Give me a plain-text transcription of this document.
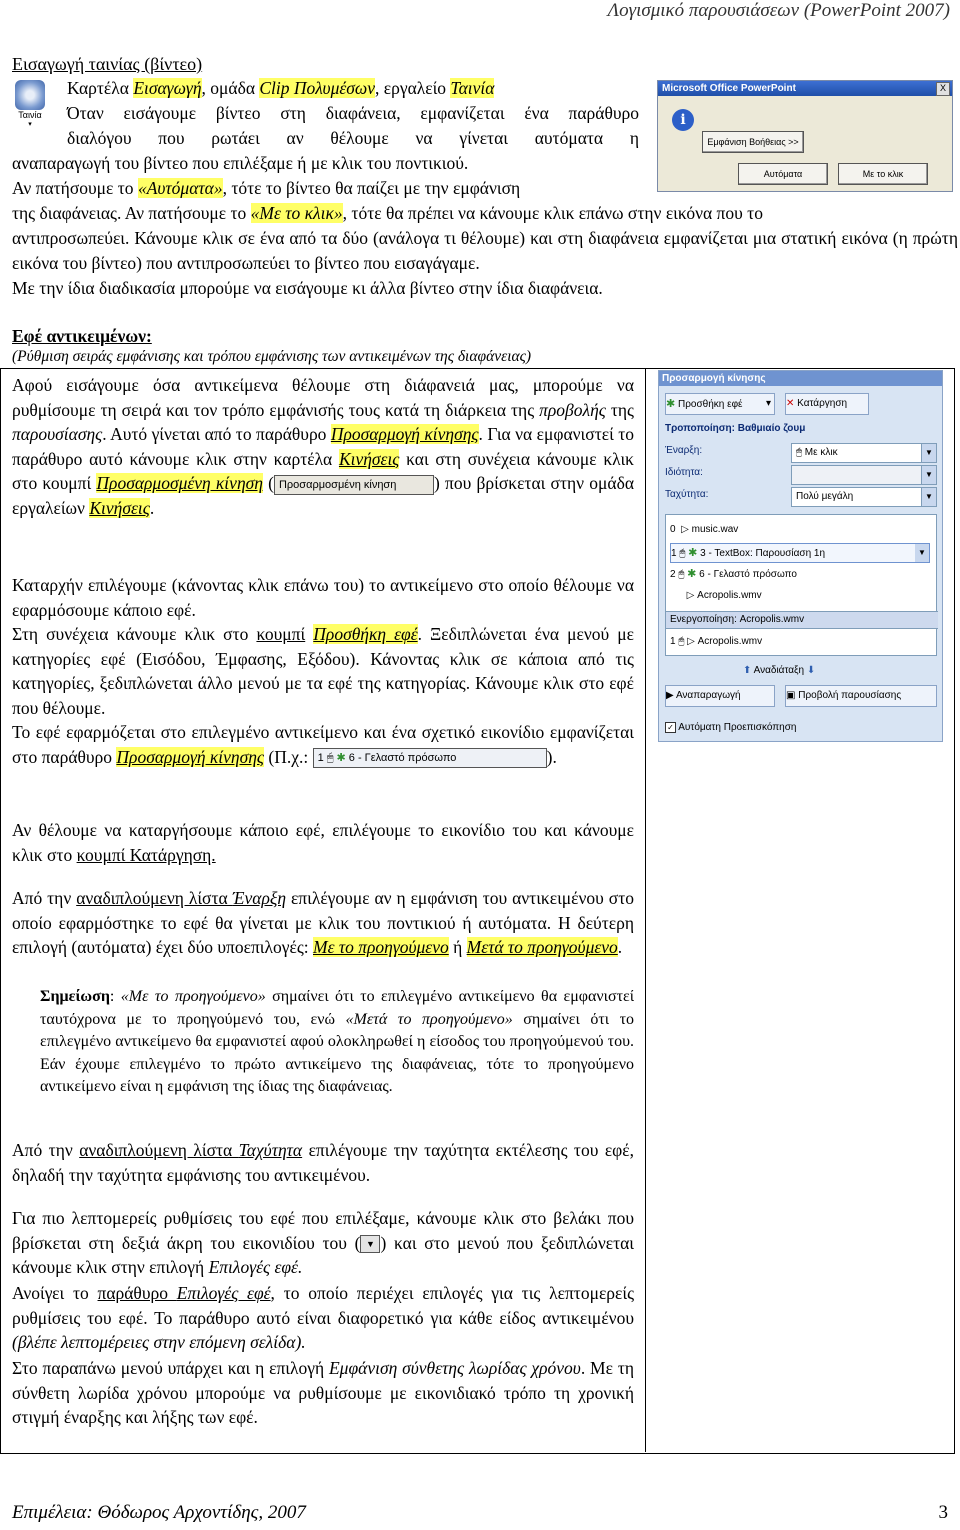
Λογισμικό παρουσιάσεων (PowerPoint 2007)
Εισαγωγή ταινίας (βίντεο)
Ταινία
▾
Καρτέλα Εισαγωγή, ομάδα Clip Πολυμέσων, εργαλείο Ταινία
Όταν εισάγουμε βίντεο στη διαφάνεια, εμφανίζεται ένα παράθυρο
διαλόγου που ρωτάει αν θέλουμε να γίνεται αυτόματα η
αναπαραγωγή του βίντεο που επιλέξαμε ή με κλικ του ποντικιού.
Αν πατήσουμε το «Αυτόματα», τότε το βίντεο θα παίζει με την εμφάνιση
της διαφάνειας. Αν πατήσουμε το «Με το κλικ», τότε θα πρέπει να κάνουμε κλικ επάνω στην εικόνα που το
αντιπροσωπεύει. Κάνουμε κλικ σε ένα από τα δύο (ανάλογα τι θέλουμε) και στη διαφάνεια εμφανίζεται μια στατική εικόνα (η πρώτη εικόνα του βίντεο) που αντιπροσωπεύει το βίντεο που εισαγάγαμε.
Με την ίδια διαδικασία μπορούμε να εισάγουμε κι άλλα βίντεο στην ίδια διαφάνεια.
Microsoft Office PowerPoint	X
i
Εμφάνιση Βοήθειας >>
Αυτόματα	Με το κλικ
Εφέ αντικειμένων:
(Ρύθμιση σειράς εμφάνισης και τρόπου εμφάνισης των αντικειμένων της διαφάνειας)
Προσαρμογή κίνησης
✱ Προσθήκη εφέ ▾	✕ Κατάργηση
Τροποποίηση: Βαθμιαίο ζουμ
Έναρξη:	🖱 Με κλικ	▼
Ιδιότητα:	▼
Ταχύτητα:	Πολύ μεγάλη	▼
0 ▷ music.wav
1 🖱 ✱ 3 - TextBox: Παρουσίαση 1η	▼
2 🖱 ✱ 6 - Γελαστό πρόσωπο
▷ Acropolis.wmv
Ενεργοποίηση: Acropolis.wmv
1 🖱 ▷ Acropolis.wmv
⬆ Αναδιάταξη ⬇
▶ Αναπαραγωγή	▣ Προβολή παρουσίασης
✓ Αυτόματη Προεπισκόπηση
Αφού εισάγουμε όσα αντικείμενα θέλουμε στη διάφανειά μας, μπορούμε να ρυθμίσουμε τη σειρά και τον τρόπο εμφάνισής τους κατά τη διάρκεια της προβολής της παρουσίασης. Αυτό γίνεται από το παράθυρο Προσαρμογή κίνησης. Για να εμφανιστεί το παράθυρο αυτό κάνουμε κλικ στην καρτέλα Κινήσεις και στη συνέχεια κάνουμε κλικ στο κουμπί Προσαρμοσμένη κίνηση ( Προσαρμοσμένη κίνηση ) που βρίσκεται στην ομάδα εργαλείων Κινήσεις.
Καταρχήν επιλέγουμε (κάνοντας κλικ επάνω του) το αντικείμενο στο οποίο θέλουμε να εφαρμόσουμε κάποιο εφέ.
Στη συνέχεια κάνουμε κλικ στο κουμπί Προσθήκη εφέ. Ξεδιπλώνεται ένα μενού με κατηγορίες εφέ (Εισόδου, Έμφασης, Εξόδου). Κάνοντας κλικ σε κάποια από τις κατηγορίες, ξεδιπλώνεται άλλο μενού με τα εφέ της κατηγορίας. Κάνουμε κλικ στο εφέ που θέλουμε.
Το εφέ εφαρμόζεται στο επιλεγμένο αντικείμενο και ένα σχετικό εικονίδιο εμφανίζεται στο παράθυρο Προσαρμογή κίνησης (Π.χ.: 1 🖱 ✱ 6 - Γελαστό πρόσωπο	).
Αν θέλουμε να καταργήσουμε κάποιο εφέ, επιλέγουμε το εικονίδιο του και κάνουμε κλικ στο κουμπί Κατάργηση.
Από την αναδιπλούμενη λίστα Έναρξη επιλέγουμε αν η εμφάνιση του αντικειμένου στο οποίο εφαρμόστηκε το εφέ θα γίνεται με κλικ του ποντικιού ή αυτόματα. Η δεύτερη επιλογή (αυτόματα) έχει δύο υποεπιλογές: Με το προηγούμενο ή Μετά το προηγούμενο.
Σημείωση: «Με το προηγούμενο» σημαίνει ότι το επιλεγμένο αντικείμενο θα εμφανιστεί ταυτόχρονα με το προηγούμενό του, ενώ «Μετά το προηγούμενο» σημαίνει ότι το επιλεγμένο αντικείμενο θα εμφανιστεί αφού ολοκληρωθεί η είσοδος του προηγούμενού του. Εάν έχουμε επιλεγμένο το πρώτο αντικείμενο της διαφάνειας, τότε το προηγούμενο αντικείμενο είναι η εμφάνιση της ίδιας της διαφάνειας.
Από την αναδιπλούμενη λίστα Ταχύτητα επιλέγουμε την ταχύτητα εκτέλεσης του εφέ, δηλαδή την ταχύτητα εμφάνισης του αντικειμένου.
Για πιο λεπτομερείς ρυθμίσεις του εφέ που επιλέξαμε, κάνουμε κλικ στο βελάκι που βρίσκεται στη δεξιά άκρη του εικονιδίου του ( ▼ ) και στο μενού που ξεδιπλώνεται κάνουμε κλικ στην επιλογή Επιλογές εφέ.
Ανοίγει το παράθυρο Επιλογές εφέ, το οποίο περιέχει επιλογές για τις λεπτομερείς ρυθμίσεις του εφέ. Το παράθυρο αυτό είναι διαφορετικό για κάθε είδος αντικειμένου (βλέπε λεπτομέρειες στην επόμενη σελίδα).
Στο παραπάνω μενού υπάρχει και η επιλογή Εμφάνιση σύνθετης λωρίδας χρόνου. Με τη σύνθετη λωρίδα χρόνου μπορούμε να ρυθμίσουμε με εικονιδιακό τρόπο τη χρονική στιγμή έναρξης και λήξης των εφέ.
Επιμέλεια: Θόδωρος Αρχοντίδης, 2007	3
